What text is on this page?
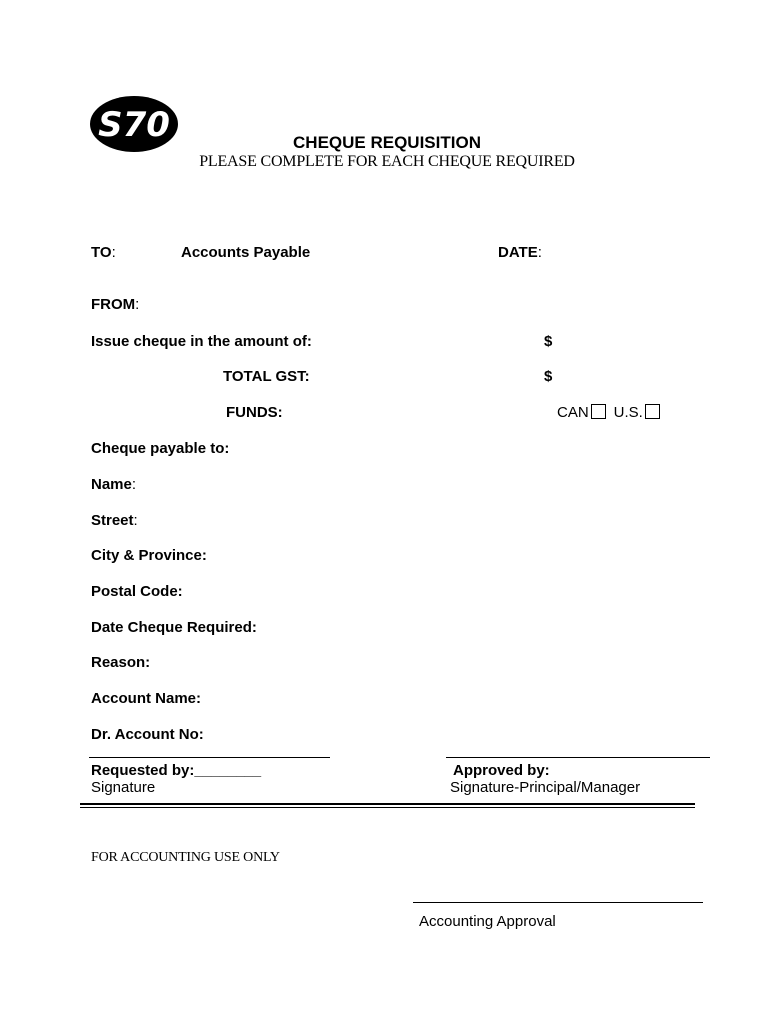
S70	CHEQUE REQUISITION
PLEASE COMPLETE FOR EACH CHEQUE REQUIRED
TO:	Accounts Payable	DATE:
FROM:
Issue cheque in the amount of:	$
TOTAL GST:	$
FUNDS:	CAN U.S.
Cheque payable to:
Name:
Street:
City & Province:
Postal Code:
Date Cheque Required:
Reason:
Account Name:
Dr. Account No:
Requested by:________
Signature
Approved by:
Signature-Principal/Manager
FOR ACCOUNTING USE ONLY
Accounting Approval
